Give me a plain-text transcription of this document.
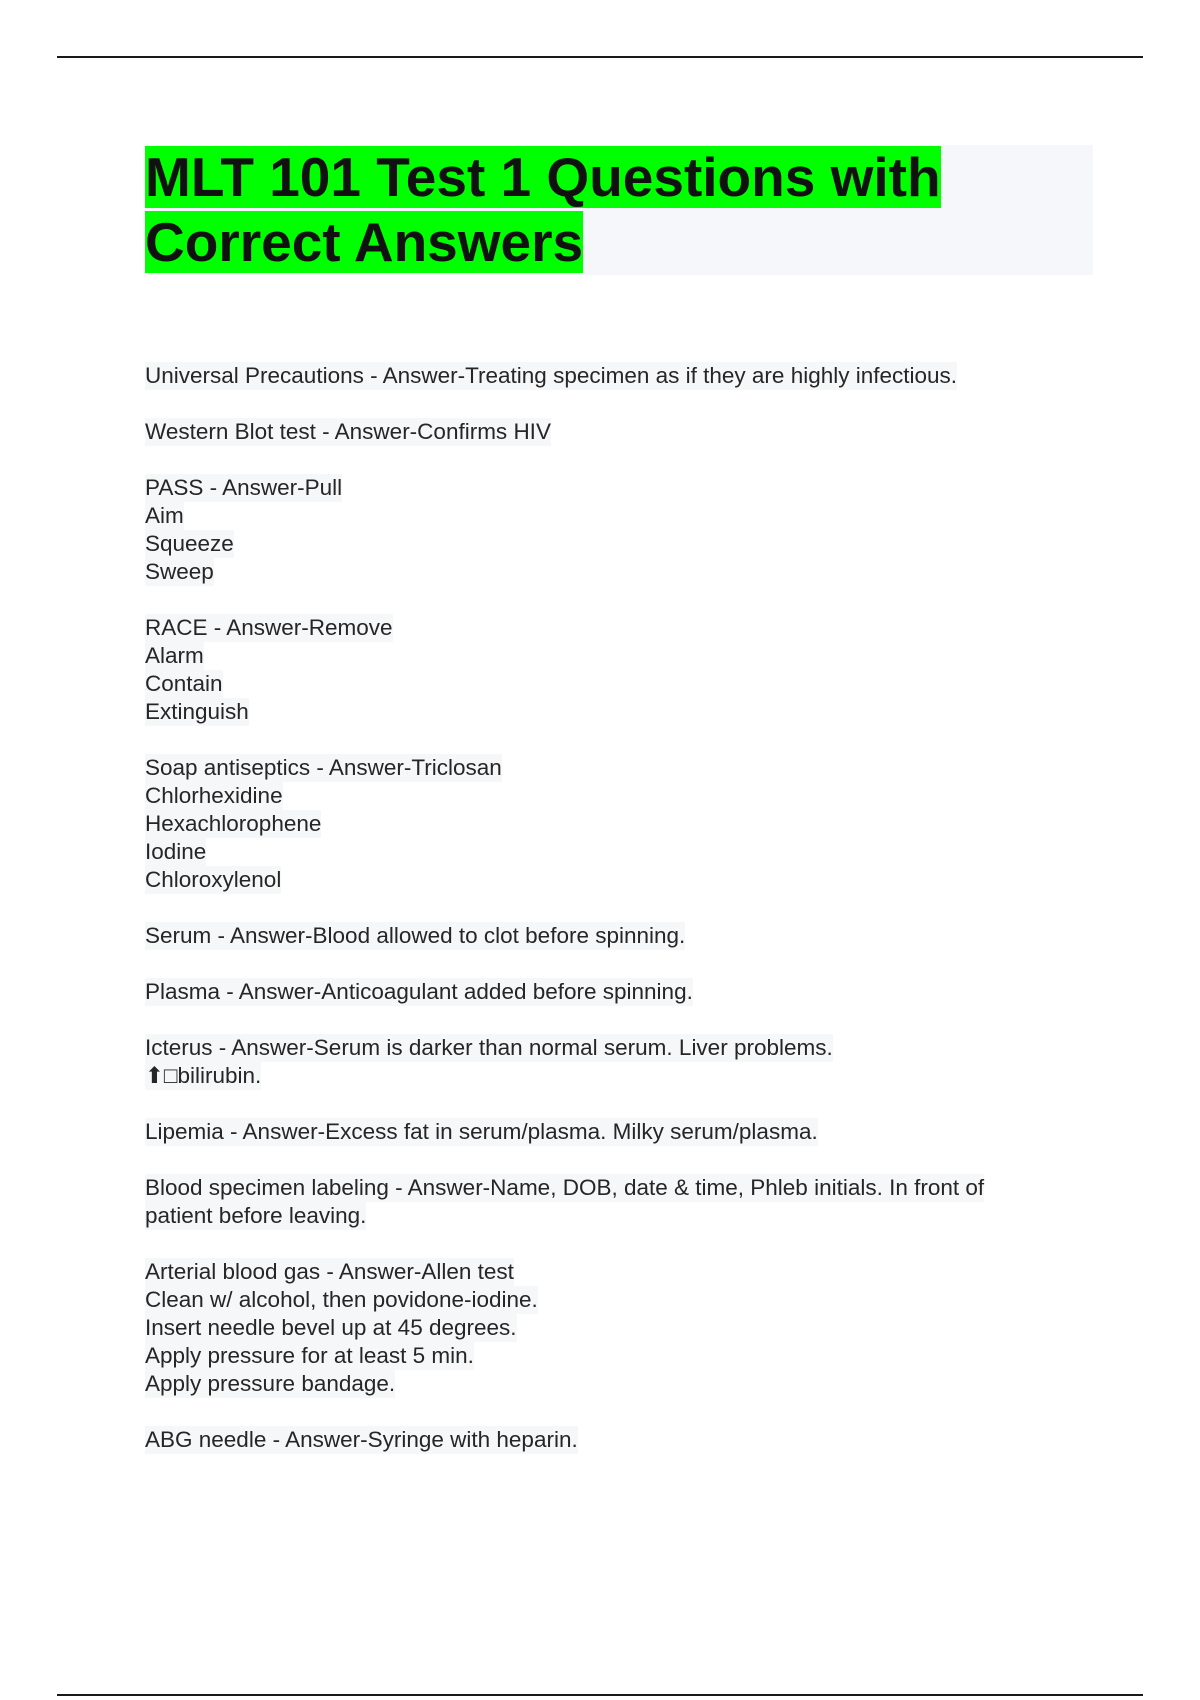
MLT 101 Test 1 Questions with
Correct Answers
Universal Precautions - Answer-Treating specimen as if they are highly infectious.
Western Blot test - Answer-Confirms HIV
PASS - Answer-Pull
Aim
Squeeze
Sweep
RACE - Answer-Remove
Alarm
Contain
Extinguish
Soap antiseptics - Answer-Triclosan
Chlorhexidine
Hexachlorophene
Iodine
Chloroxylenol
Serum - Answer-Blood allowed to clot before spinning.
Plasma - Answer-Anticoagulant added before spinning.
Icterus - Answer-Serum is darker than normal serum. Liver problems.
⬆□bilirubin.
Lipemia - Answer-Excess fat in serum/plasma. Milky serum/plasma.
Blood specimen labeling - Answer-Name, DOB, date & time, Phleb initials. In front of
patient before leaving.
Arterial blood gas - Answer-Allen test
Clean w/ alcohol, then povidone-iodine.
Insert needle bevel up at 45 degrees.
Apply pressure for at least 5 min.
Apply pressure bandage.
ABG needle - Answer-Syringe with heparin.
